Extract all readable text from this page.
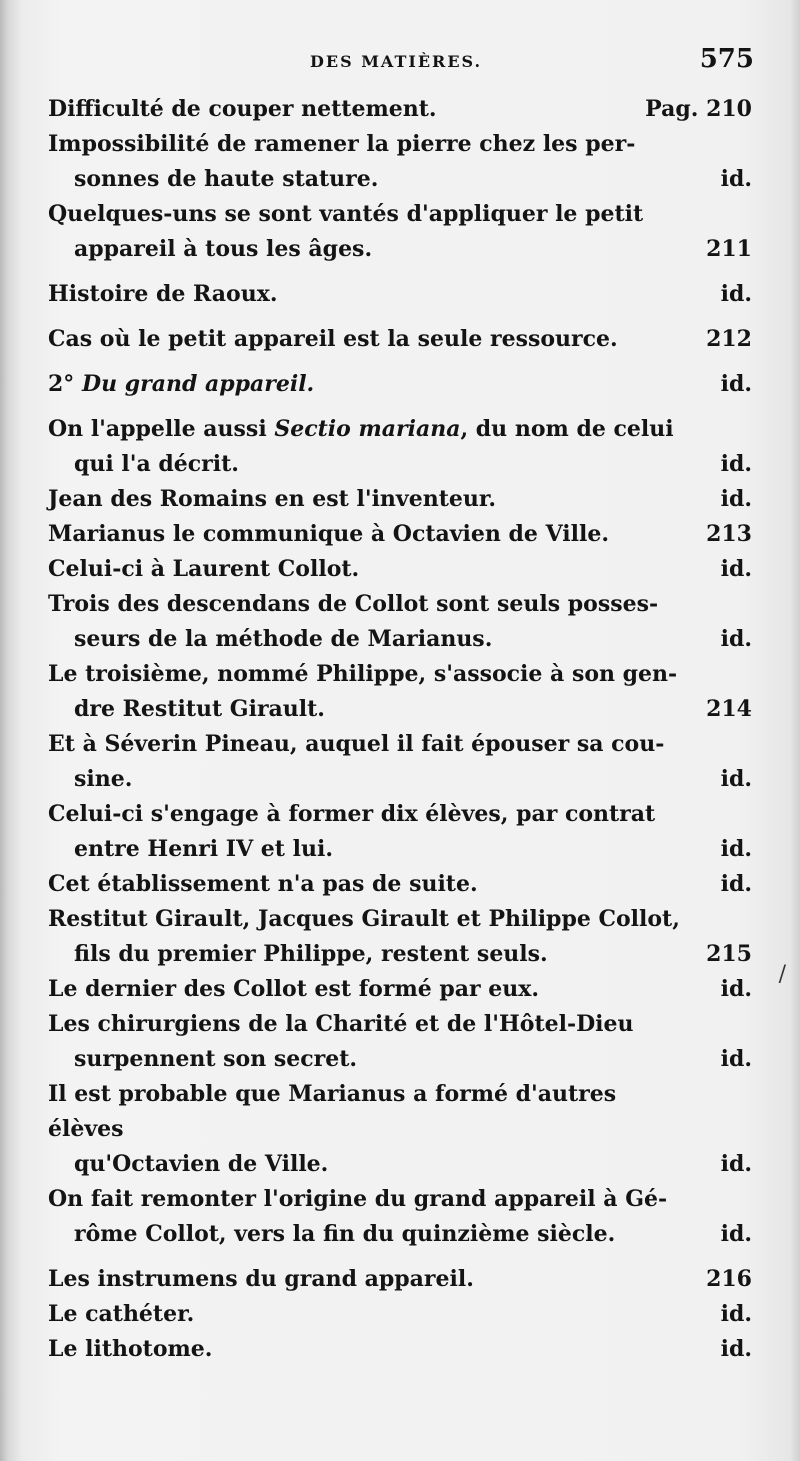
DES MATIÈRES.	575
Difficulté de couper nettement.	Pag. 210
Impossibilité de ramener la pierre chez les per-
sonnes de haute stature.	id.
Quelques-uns se sont vantés d'appliquer le petit
appareil à tous les âges.	211
Histoire de Raoux.	id.
Cas où le petit appareil est la seule ressource.	212
2° Du grand appareil.	id.
On l'appelle aussi Sectio mariana, du nom de celui
qui l'a décrit.	id.
Jean des Romains en est l'inventeur.	id.
Marianus le communique à Octavien de Ville.	213
Celui-ci à Laurent Collot.	id.
Trois des descendans de Collot sont seuls posses-
seurs de la méthode de Marianus.	id.
Le troisième, nommé Philippe, s'associe à son gen-
dre Restitut Girault.	214
Et à Séverin Pineau, auquel il fait épouser sa cou-
sine.	id.
Celui-ci s'engage à former dix élèves, par contrat
entre Henri IV et lui.	id.
Cet établissement n'a pas de suite.	id.
Restitut Girault, Jacques Girault et Philippe Collot,
fils du premier Philippe, restent seuls.	215
Le dernier des Collot est formé par eux.	id.
Les chirurgiens de la Charité et de l'Hôtel-Dieu
surpennent son secret.	id.
Il est probable que Marianus a formé d'autres élèves
qu'Octavien de Ville.	id.
On fait remonter l'origine du grand appareil à Gé-
rôme Collot, vers la fin du quinzième siècle.	id.
Les instrumens du grand appareil.	216
Le cathéter.	id.
Le lithotome.	id.
/
